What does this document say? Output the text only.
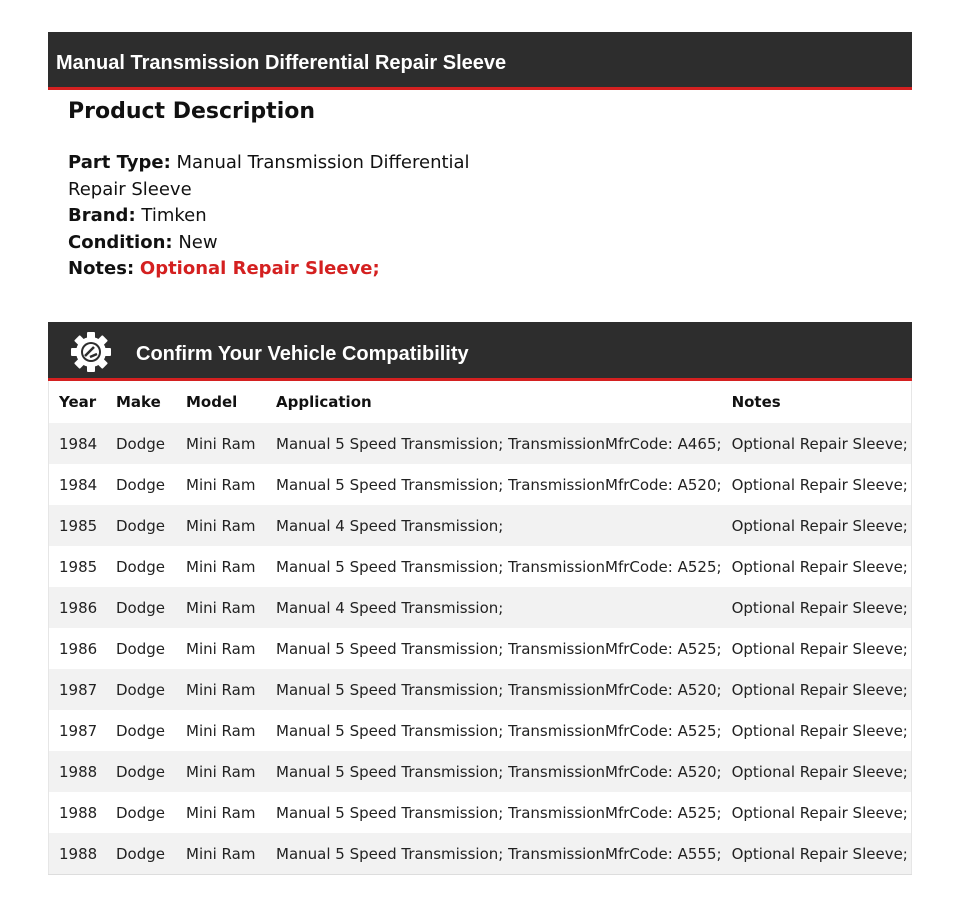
Manual Transmission Differential Repair Sleeve
Product Description
Part Type: Manual Transmission Differential Repair Sleeve
Brand: Timken
Condition: New
Notes: Optional Repair Sleeve;
Confirm Your Vehicle Compatibility
Year	Make	Model	Application	Notes
1984	Dodge	Mini Ram	Manual 5 Speed Transmission; TransmissionMfrCode: A465;	Optional Repair Sleeve;
1984	Dodge	Mini Ram	Manual 5 Speed Transmission; TransmissionMfrCode: A520;	Optional Repair Sleeve;
1985	Dodge	Mini Ram	Manual 4 Speed Transmission;	Optional Repair Sleeve;
1985	Dodge	Mini Ram	Manual 5 Speed Transmission; TransmissionMfrCode: A525;	Optional Repair Sleeve;
1986	Dodge	Mini Ram	Manual 4 Speed Transmission;	Optional Repair Sleeve;
1986	Dodge	Mini Ram	Manual 5 Speed Transmission; TransmissionMfrCode: A525;	Optional Repair Sleeve;
1987	Dodge	Mini Ram	Manual 5 Speed Transmission; TransmissionMfrCode: A520;	Optional Repair Sleeve;
1987	Dodge	Mini Ram	Manual 5 Speed Transmission; TransmissionMfrCode: A525;	Optional Repair Sleeve;
1988	Dodge	Mini Ram	Manual 5 Speed Transmission; TransmissionMfrCode: A520;	Optional Repair Sleeve;
1988	Dodge	Mini Ram	Manual 5 Speed Transmission; TransmissionMfrCode: A525;	Optional Repair Sleeve;
1988	Dodge	Mini Ram	Manual 5 Speed Transmission; TransmissionMfrCode: A555;	Optional Repair Sleeve;
